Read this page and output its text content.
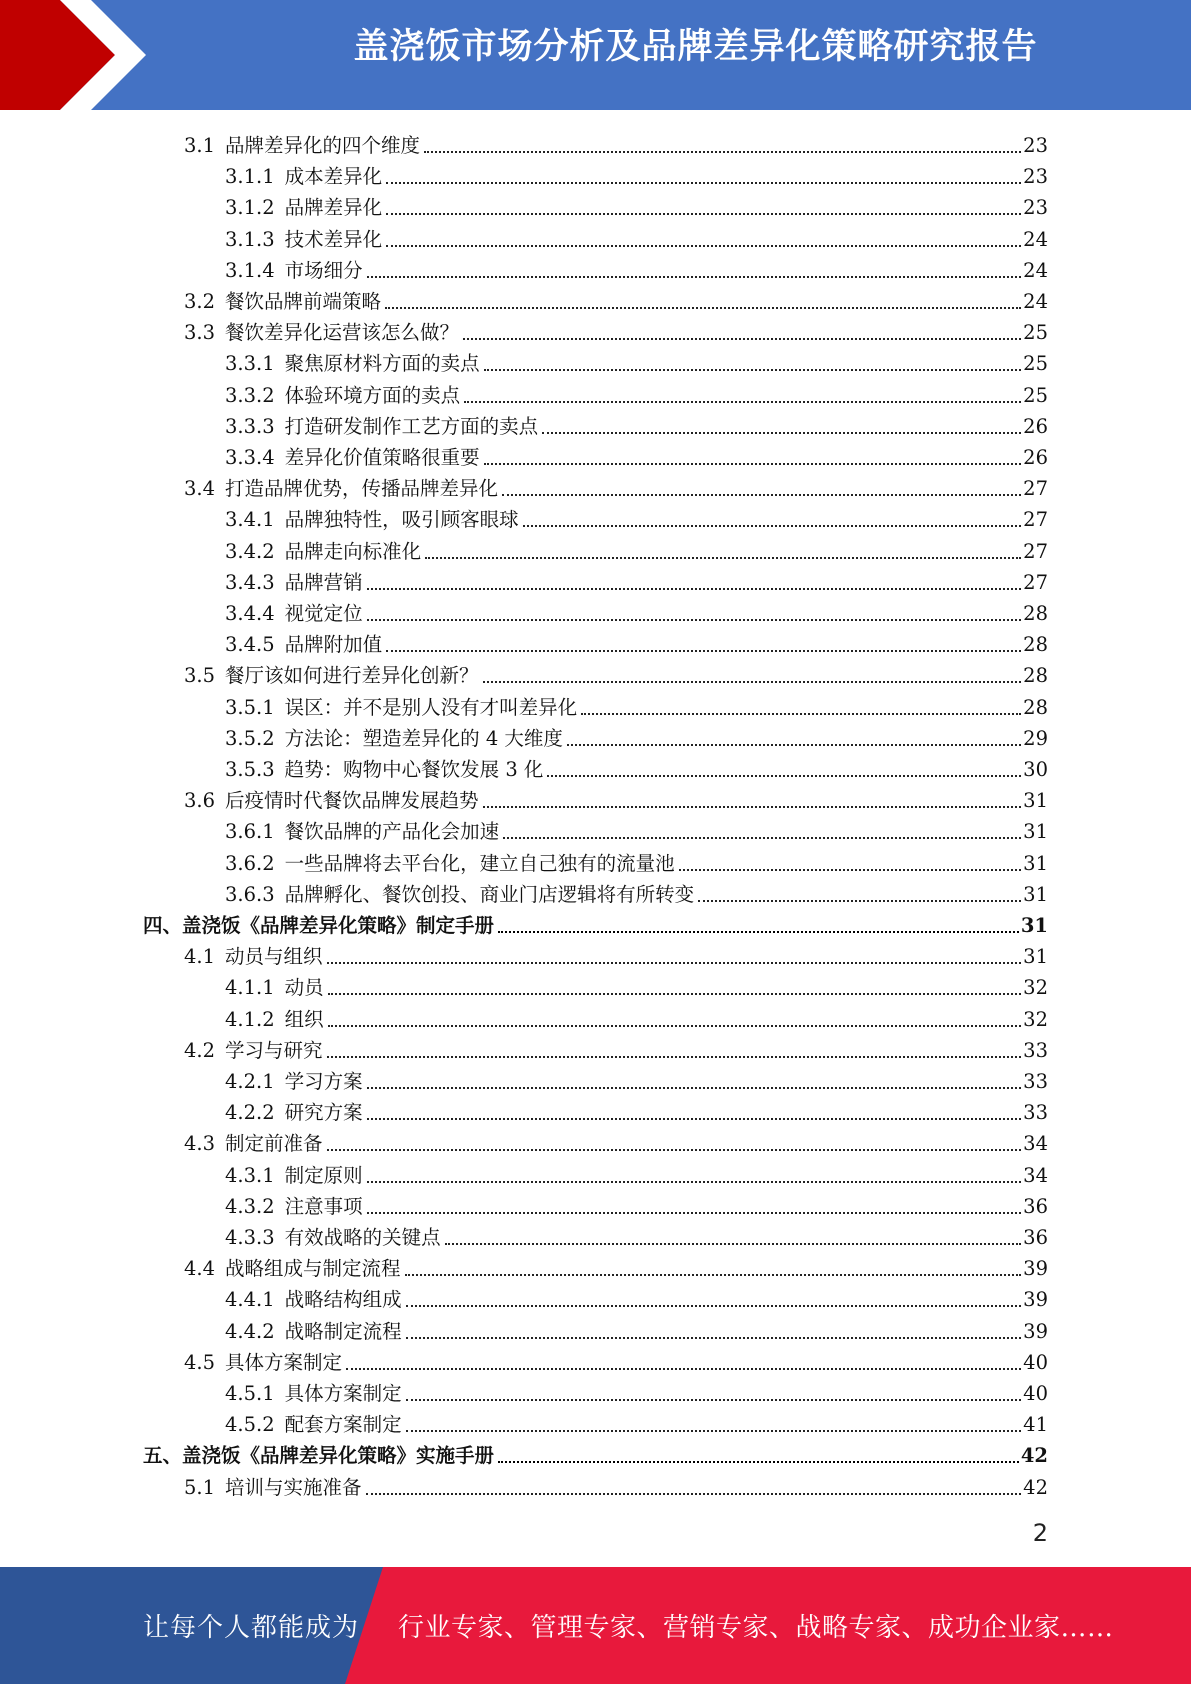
盖浇饭市场分析及品牌差异化策略研究报告
3.1 品牌差异化的四个维度	23
3.1.1 成本差异化	23
3.1.2 品牌差异化	23
3.1.3 技术差异化	24
3.1.4 市场细分	24
3.2 餐饮品牌前端策略	24
3.3 餐饮差异化运营该怎么做？	25
3.3.1 聚焦原材料方面的卖点	25
3.3.2 体验环境方面的卖点	25
3.3.3 打造研发制作工艺方面的卖点	26
3.3.4 差异化价值策略很重要	26
3.4 打造品牌优势，传播品牌差异化	27
3.4.1 品牌独特性，吸引顾客眼球	27
3.4.2 品牌走向标准化	27
3.4.3 品牌营销	27
3.4.4 视觉定位	28
3.4.5 品牌附加值	28
3.5 餐厅该如何进行差异化创新？	28
3.5.1 误区：并不是别人没有才叫差异化	28
3.5.2 方法论：塑造差异化的 4 大维度	29
3.5.3 趋势：购物中心餐饮发展 3 化	30
3.6 后疫情时代餐饮品牌发展趋势	31
3.6.1 餐饮品牌的产品化会加速	31
3.6.2 一些品牌将去平台化，建立自己独有的流量池	31
3.6.3 品牌孵化、餐饮创投、商业门店逻辑将有所转变	31
四、 盖浇饭《品牌差异化策略》制定手册	31
4.1 动员与组织	31
4.1.1 动员	32
4.1.2 组织	32
4.2 学习与研究	33
4.2.1 学习方案	33
4.2.2 研究方案	33
4.3 制定前准备	34
4.3.1 制定原则	34
4.3.2 注意事项	36
4.3.3 有效战略的关键点	36
4.4 战略组成与制定流程	39
4.4.1 战略结构组成	39
4.4.2 战略制定流程	39
4.5 具体方案制定	40
4.5.1 具体方案制定	40
4.5.2 配套方案制定	41
五、 盖浇饭《品牌差异化策略》实施手册	42
5.1 培训与实施准备	42
2
让每个人都能成为 行业专家、管理专家、营销专家、战略专家、成功企业家……
